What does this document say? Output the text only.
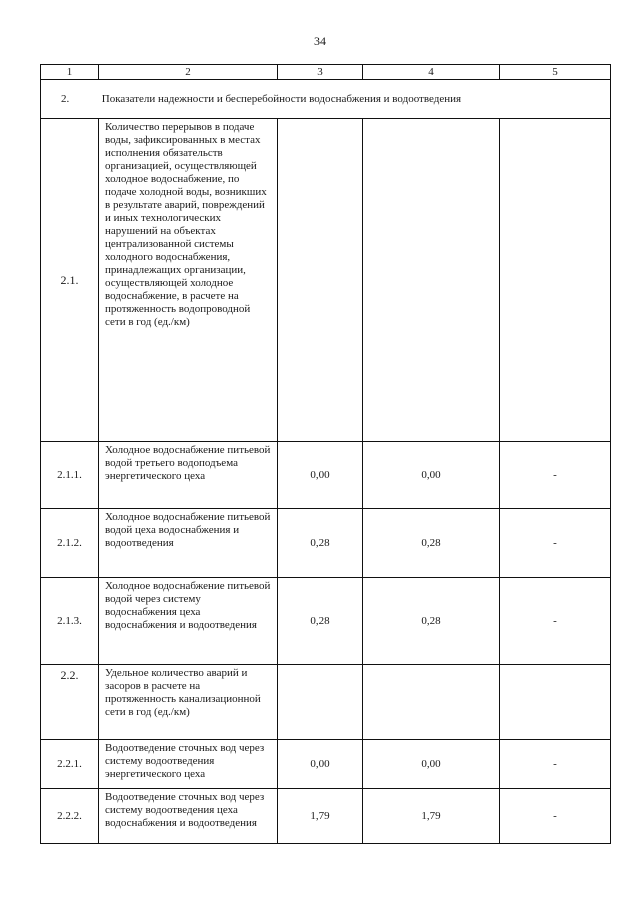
34
1	2	3	4	5
2. Показатели надежности и бесперебойности водоснабжения и водоотведения				
2.1.	Количество перерывов в подаче воды, зафиксированных в местах исполнения обязательств организацией, осуществляющей холодное водоснабжение, по подаче холодной воды, возникших в результате аварий, повреждений и иных технологических нарушений на объектах централизованной системы холодного водоснабжения, принадлежащих организации, осуществляющей холодное водоснабжение, в расчете на протяженность водопроводной сети в год (ед./км)			
2.1.1.	Холодное водоснабжение питьевой водой третьего водоподъема энергетического цеха	0,00	0,00	-
2.1.2.	Холодное водоснабжение питьевой водой цеха водоснабжения и водоотведения	0,28	0,28	-
2.1.3.	Холодное водоснабжение питьевой водой через систему водоснабжения цеха водоснабжения и водоотведения	0,28	0,28	-
2.2.	Удельное количество аварий и засоров в расчете на протяженность канализационной сети в год (ед./км)			
2.2.1.	Водоотведение сточных вод через систему водоотведения энергетического цеха	0,00	0,00	-
2.2.2.	Водоотведение сточных вод через систему водоотведения цеха водоснабжения и водоотведения	1,79	1,79	-
